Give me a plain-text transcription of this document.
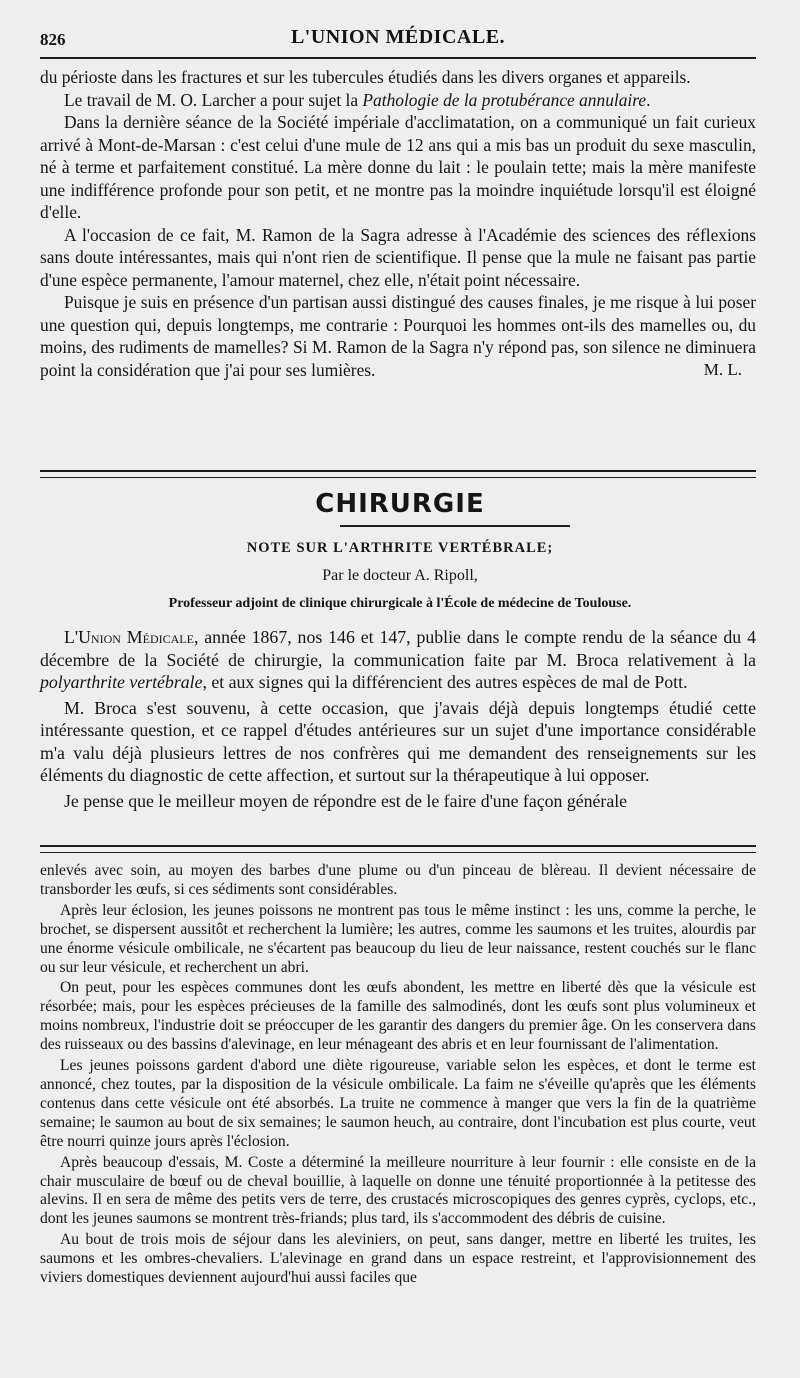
826	L'UNION MÉDICALE.

du périoste dans les fractures et sur les tubercules étudiés dans les divers organes et appareils.

Le travail de M. O. Larcher a pour sujet la Pathologie de la protubérance annulaire.

Dans la dernière séance de la Société impériale d'acclimatation, on a communiqué un fait curieux arrivé à Mont-de-Marsan : c'est celui d'une mule de 12 ans qui a mis bas un produit du sexe masculin, né à terme et parfaitement constitué. La mère donne du lait : le poulain tette; mais la mère manifeste une indifférence profonde pour son petit, et ne montre pas la moindre inquiétude lorsqu'il est éloigné d'elle.

A l'occasion de ce fait, M. Ramon de la Sagra adresse à l'Académie des sciences des réflexions sans doute intéressantes, mais qui n'ont rien de scientifique. Il pense que la mule ne faisant pas partie d'une espèce permanente, l'amour maternel, chez elle, n'était point nécessaire.

Puisque je suis en présence d'un partisan aussi distingué des causes finales, je me risque à lui poser une question qui, depuis longtemps, me contrarie : Pourquoi les hommes ont-ils des mamelles ou, du moins, des rudiments de mamelles? Si M. Ramon de la Sagra n'y répond pas, son silence ne diminuera point la considération que j'ai pour ses lumières.	M. L.

CHIRURGIE
NOTE SUR L'ARTHRITE VERTÉBRALE;
Par le docteur A. Ripoll,
Professeur adjoint de clinique chirurgicale à l'École de médecine de Toulouse.

L'Union Médicale, année 1867, nos 146 et 147, publie dans le compte rendu de la séance du 4 décembre de la Société de chirurgie, la communication faite par M. Broca relativement à la polyarthrite vertébrale, et aux signes qui la différencient des autres espèces de mal de Pott.

M. Broca s'est souvenu, à cette occasion, que j'avais déjà depuis longtemps étudié cette intéressante question, et ce rappel d'études antérieures sur un sujet d'une importance considérable m'a valu déjà plusieurs lettres de nos confrères qui me demandent des renseignements sur les éléments du diagnostic de cette affection, et surtout sur la thérapeutique à lui opposer.

Je pense que le meilleur moyen de répondre est de le faire d'une façon générale

enlevés avec soin, au moyen des barbes d'une plume ou d'un pinceau de blèreau. Il devient nécessaire de transborder les œufs, si ces sédiments sont considérables.

Après leur éclosion, les jeunes poissons ne montrent pas tous le même instinct : les uns, comme la perche, le brochet, se dispersent aussitôt et recherchent la lumière; les autres, comme les saumons et les truites, alourdis par une énorme vésicule ombilicale, ne s'écartent pas beaucoup du lieu de leur naissance, restent couchés sur le flanc ou sur leur vésicule, et recherchent un abri.

On peut, pour les espèces communes dont les œufs abondent, les mettre en liberté dès que la vésicule est résorbée; mais, pour les espèces précieuses de la famille des salmodinés, dont les œufs sont plus volumineux et moins nombreux, l'industrie doit se préoccuper de les garantir des dangers du premier âge. On les conservera dans des ruisseaux ou des bassins d'alevinage, en leur ménageant des abris et en leur fournissant de l'alimentation.

Les jeunes poissons gardent d'abord une diète rigoureuse, variable selon les espèces, et dont le terme est annoncé, chez toutes, par la disposition de la vésicule ombilicale. La faim ne s'éveille qu'après que les éléments contenus dans cette vésicule ont été absorbés. La truite ne commence à manger que vers la fin de la quatrième semaine; le saumon au bout de six semaines; le saumon heuch, au contraire, dont l'incubation est plus courte, veut être nourri quinze jours après l'éclosion.

Après beaucoup d'essais, M. Coste a déterminé la meilleure nourriture à leur fournir : elle consiste en de la chair musculaire de bœuf ou de cheval bouillie, à laquelle on donne une ténuité proportionnée à la petitesse des alevins. Il en sera de même des petits vers de terre, des crustacés microscopiques des genres cyprès, cyclops, etc., dont les jeunes saumons se montrent très-friands; plus tard, ils s'accommodent des débris de cuisine.

Au bout de trois mois de séjour dans les aleviniers, on peut, sans danger, mettre en liberté les truites, les saumons et les ombres-chevaliers. L'alevinage en grand dans un espace restreint, et l'approvisionnement des viviers domestiques deviennent aujourd'hui aussi faciles que
